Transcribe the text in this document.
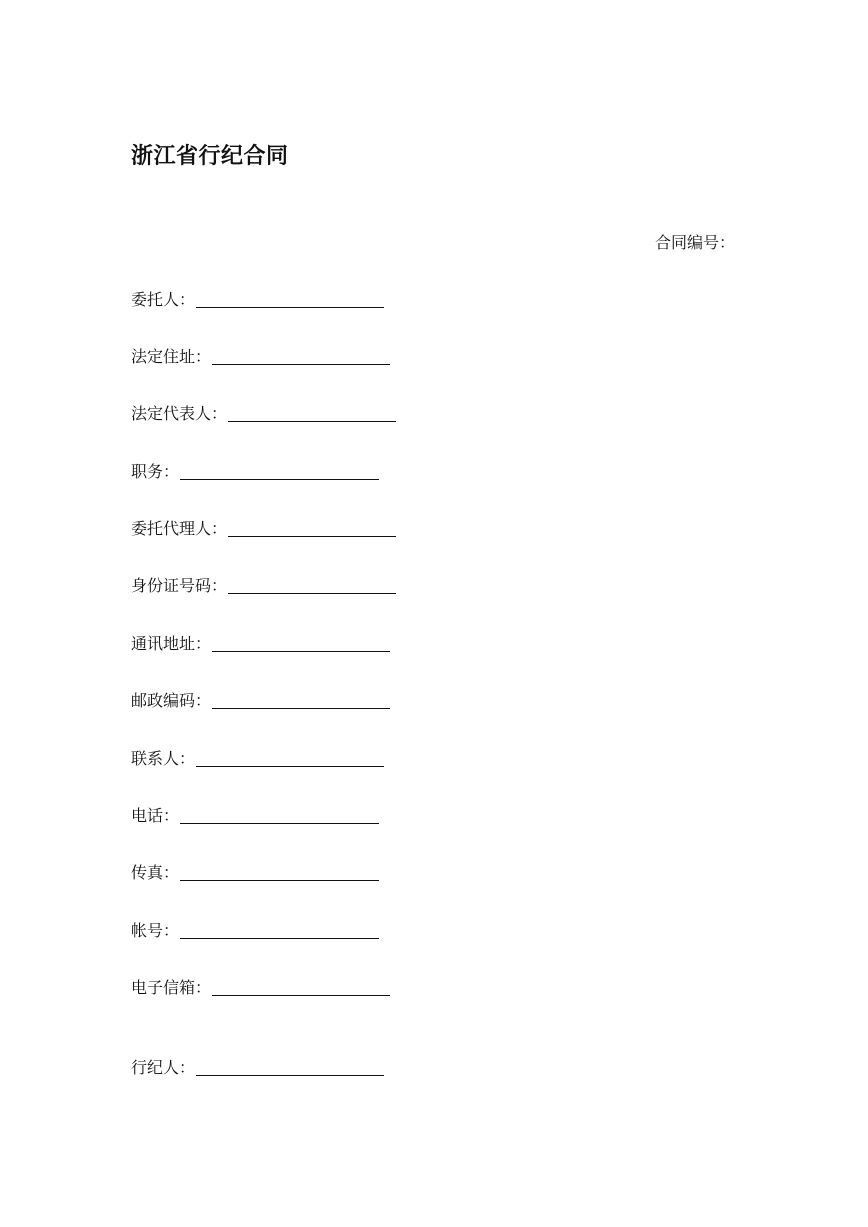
浙江省行纪合同
合同编号：
委托人：
法定住址：
法定代表人：
职务：
委托代理人：
身份证号码：
通讯地址：
邮政编码：
联系人：
电话：
传真：
帐号：
电子信箱：
行纪人：
